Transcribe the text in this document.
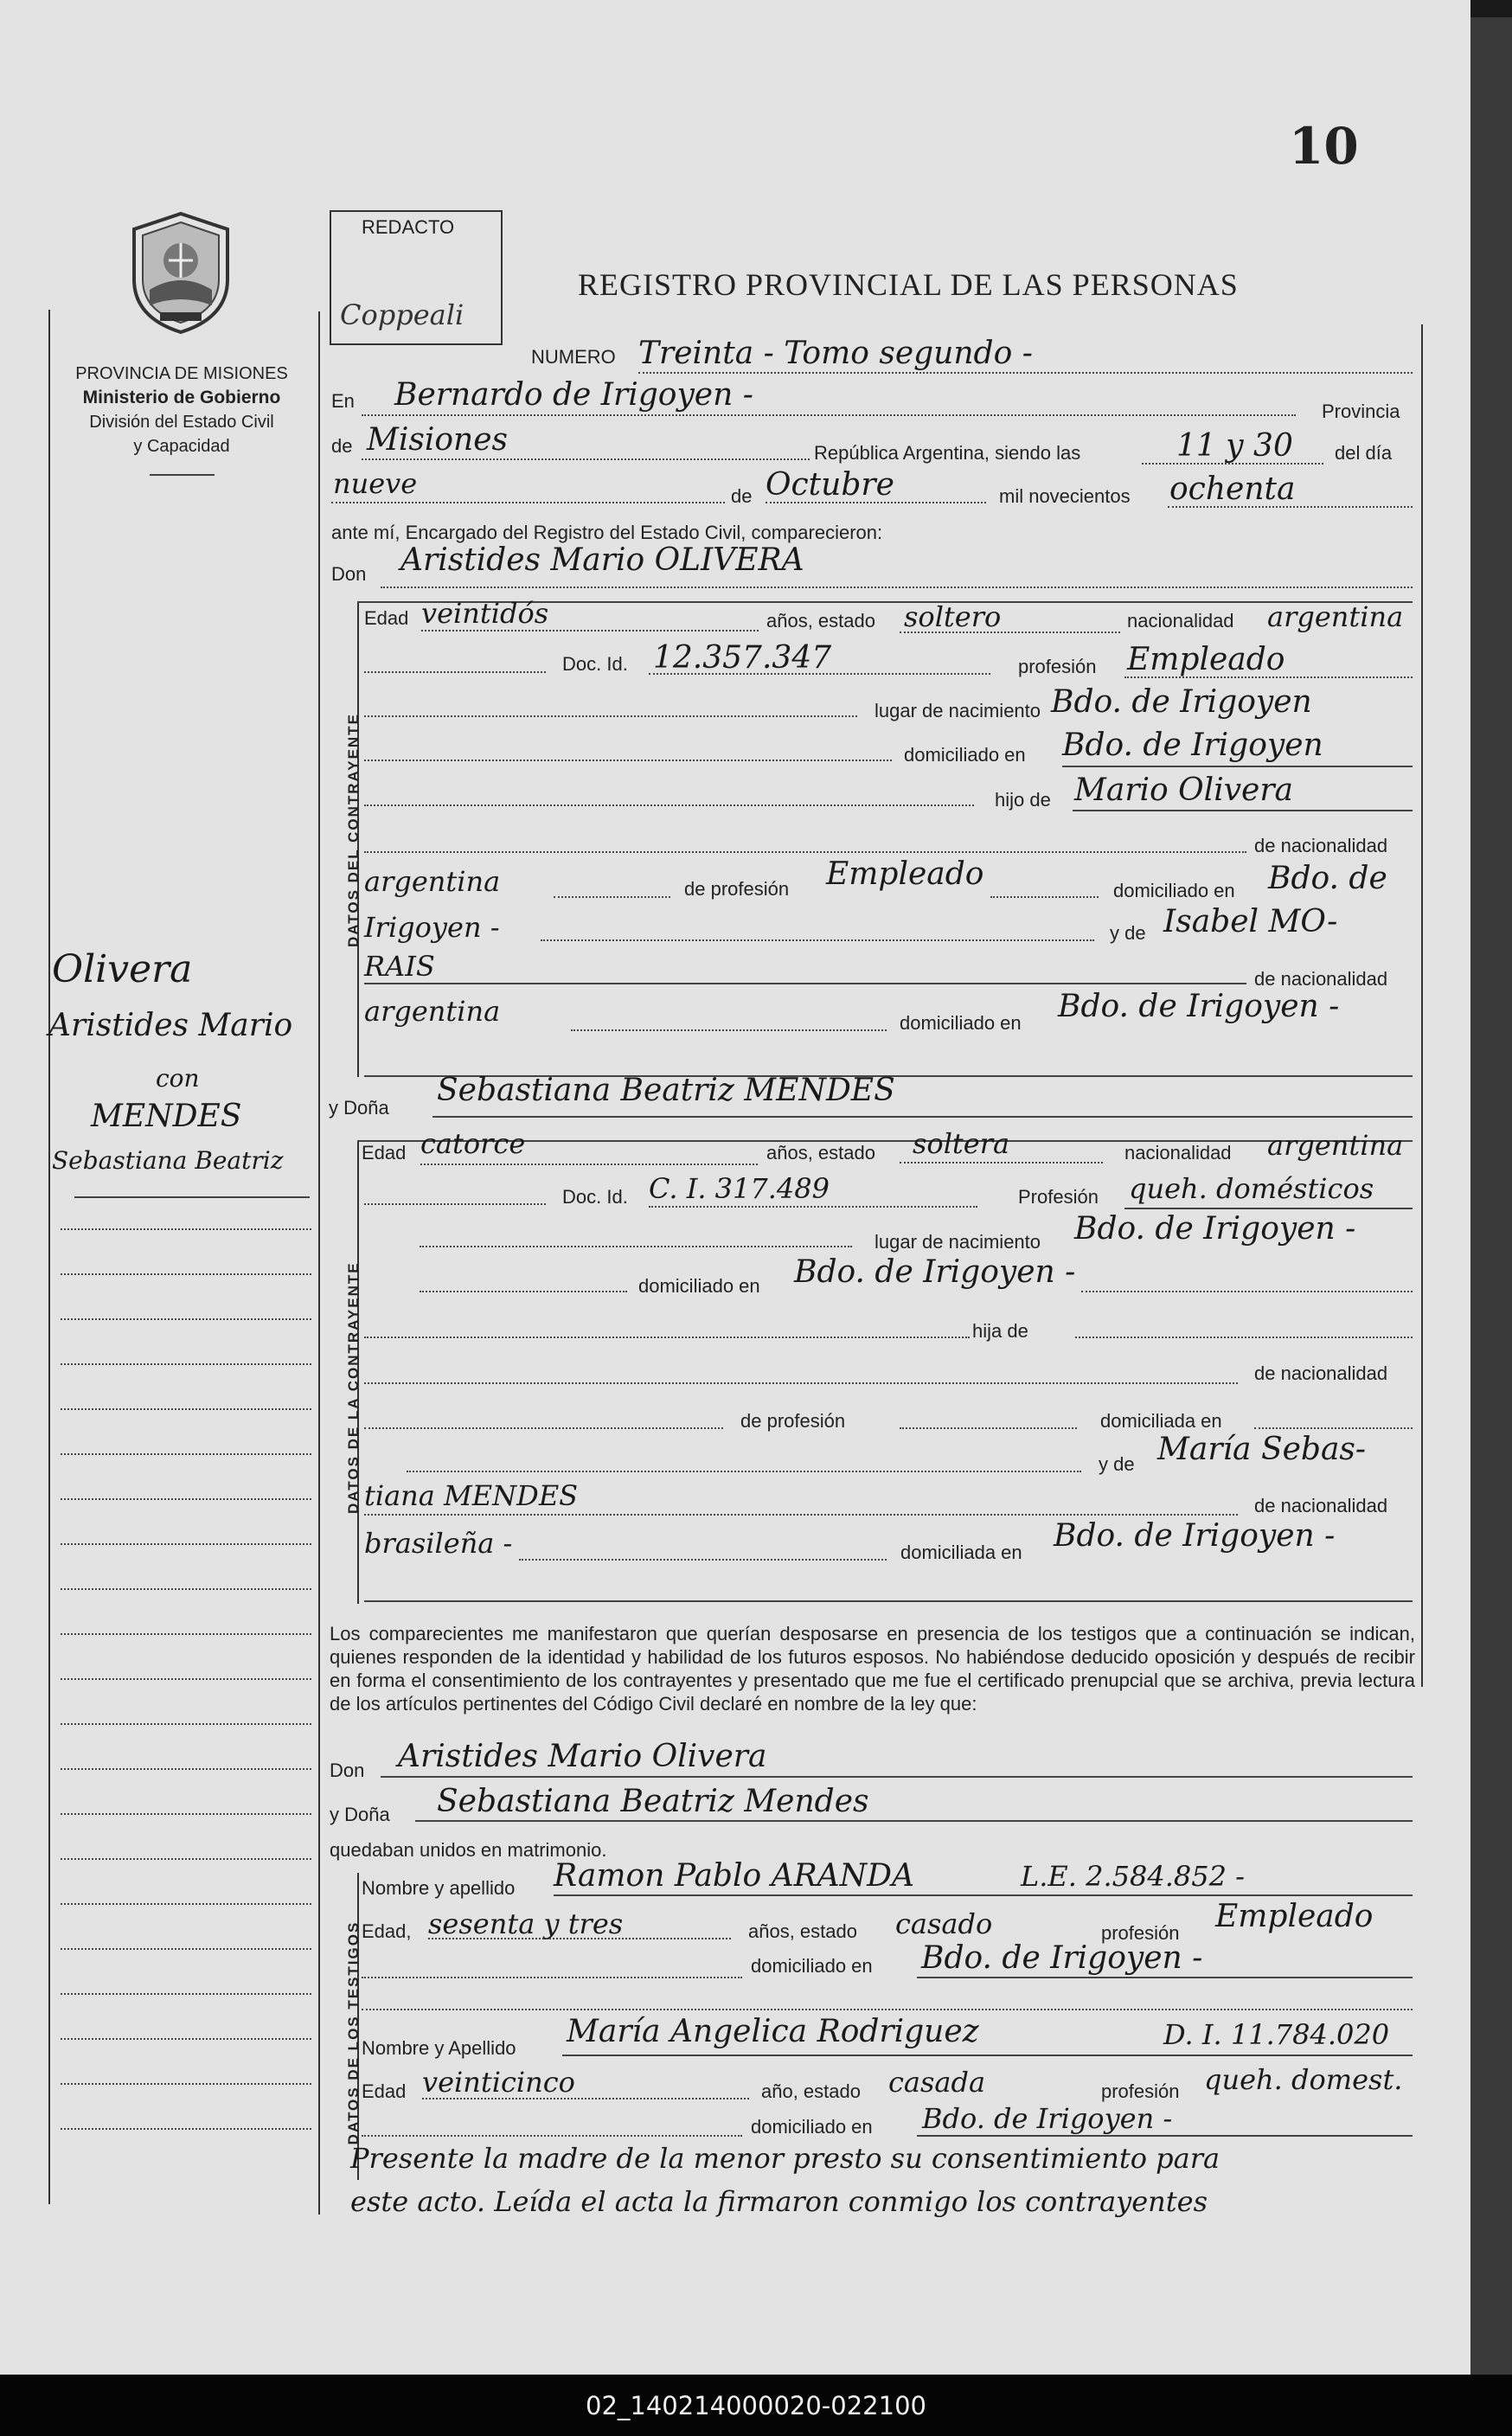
10
PROVINCIA DE MISIONES
Ministerio de Gobierno
División del Estado Civil
y Capacidad
Olivera
Aristides Mario
con
MENDES
Sebastiana Beatriz
REDACTO
Coppeali
REGISTRO PROVINCIAL DE LAS PERSONAS
DATOS DEL CONTRAYENTE
DATOS DE LA CONTRAYENTE
DATOS DE LOS TESTIGOS
NUMERO Treinta - Tomo segundo -
En Bernardo de Irigoyen -	Provincia
de Misiones	República Argentina, siendo las	11 y 30 del día
nueve	de Octubre	mil novecientos ochenta
ante mí, Encargado del Registro del Estado Civil, comparecieron:
Don Aristides Mario OLIVERA
Edad veintidós	años, estado soltero	nacionalidad argentina
Doc. Id. 12.357.347	profesión Empleado
lugar de nacimiento Bdo. de Irigoyen
domiciliado en Bdo. de Irigoyen
hijo de Mario Olivera
de nacionalidad
argentina	de profesión Empleado	domiciliado en Bdo. de
Irigoyen -	y de Isabel MO-
RAIS	de nacionalidad
argentina	domiciliado en Bdo. de Irigoyen -
y Doña Sebastiana Beatriz MENDES
Edad catorce	años, estado soltera	nacionalidad argentina
Doc. Id. C. I. 317.489	Profesión queh. domésticos
lugar de nacimiento Bdo. de Irigoyen -
domiciliado en Bdo. de Irigoyen -
hija de
de nacionalidad
de profesión	domiciliada en
y de María Sebas-
tiana MENDES	de nacionalidad
brasileña -	domiciliada en Bdo. de Irigoyen -
Los comparecientes me manifestaron que querían desposarse en presencia de los testigos que a continuación se indican, quienes responden de la identidad y habilidad de los futuros esposos. No habiéndose deducido oposición y después de recibir en forma el consentimiento de los contrayentes y presentado que me fue el certificado prenupcial que se archiva, previa lectura de los artículos pertinentes del Código Civil declaré en nombre de la ley que:
Don Aristides Mario Olivera
y Doña Sebastiana Beatriz Mendes
quedaban unidos en matrimonio.
Nombre y apellido Ramon Pablo ARANDA	L.E. 2.584.852 -
Edad, sesenta y tres	años, estado casado	profesión Empleado
domiciliado en Bdo. de Irigoyen -
Nombre y Apellido María Angelica Rodriguez	D. I. 11.784.020
Edad veinticinco	año, estado casada	profesión queh. domest.
domiciliado en Bdo. de Irigoyen -
Presente la madre de la menor presto su consentimiento para
este acto. Leída el acta la firmaron conmigo los contrayentes
02_140214000020-022100
